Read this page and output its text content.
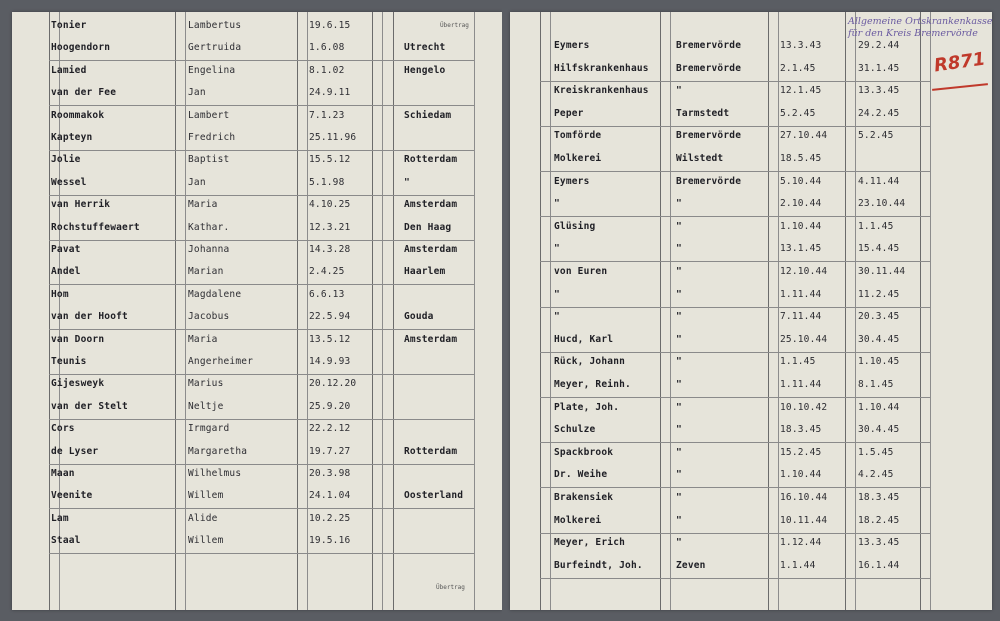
Übertrag
Übertrag
Tonier	Lambertus	19.6.15
Hoogendorn	Gertruida	1.6.08	Utrecht
Lamied	Engelina	8.1.02	Hengelo
van der Fee	Jan	24.9.11
Roommakok	Lambert	7.1.23	Schiedam
Kapteyn	Fredrich	25.11.96
Jolie	Baptist	15.5.12	Rotterdam
Wessel	Jan	5.1.98	"
van Herrik	Maria	4.10.25	Amsterdam
Rochstuffewaert	Kathar.	12.3.21	Den Haag
Pavat	Johanna	14.3.28	Amsterdam
Andel	Marian	2.4.25	Haarlem
Hom	Magdalene	6.6.13
van der Hooft	Jacobus	22.5.94	Gouda
van Doorn	Maria	13.5.12	Amsterdam
Teunis	Angerheimer	14.9.93
Gijesweyk	Marius	20.12.20
van der Stelt	Neltje	25.9.20
Cors	Irmgard	22.2.12
de Lyser	Margaretha	19.7.27	Rotterdam
Maan	Wilhelmus	20.3.98
Veenite	Willem	24.1.04	Oosterland
Lam	Alide	10.2.25
Staal	Willem	19.5.16
Allgemeine Ortskrankenkasse
für den Kreis Bremervörde
R871
Eymers	Bremervörde	13.3.43	29.2.44
Hilfskrankenhaus	Bremervörde	2.1.45	31.1.45
Kreiskrankenhaus	"	12.1.45	13.3.45
Peper	Tarmstedt	5.2.45	24.2.45
Tomförde	Bremervörde	27.10.44	5.2.45
Molkerei	Wilstedt	18.5.45
Eymers	Bremervörde	5.10.44	4.11.44
"	"	2.10.44	23.10.44
Glüsing	"	1.10.44	1.1.45
"	"	13.1.45	15.4.45
von Euren	"	12.10.44	30.11.44
"	"	1.11.44	11.2.45
"	"	7.11.44	20.3.45
Hucd, Karl	"	25.10.44	30.4.45
Rück, Johann	"	1.1.45	1.10.45
Meyer, Reinh.	"	1.11.44	8.1.45
Plate, Joh.	"	10.10.42	1.10.44
Schulze	"	18.3.45	30.4.45
Spackbrook	"	15.2.45	1.5.45
Dr. Weihe	"	1.10.44	4.2.45
Brakensiek	"	16.10.44	18.3.45
Molkerei	"	10.11.44	18.2.45
Meyer, Erich	"	1.12.44	13.3.45
Burfeindt, Joh.	Zeven	1.1.44	16.1.44
